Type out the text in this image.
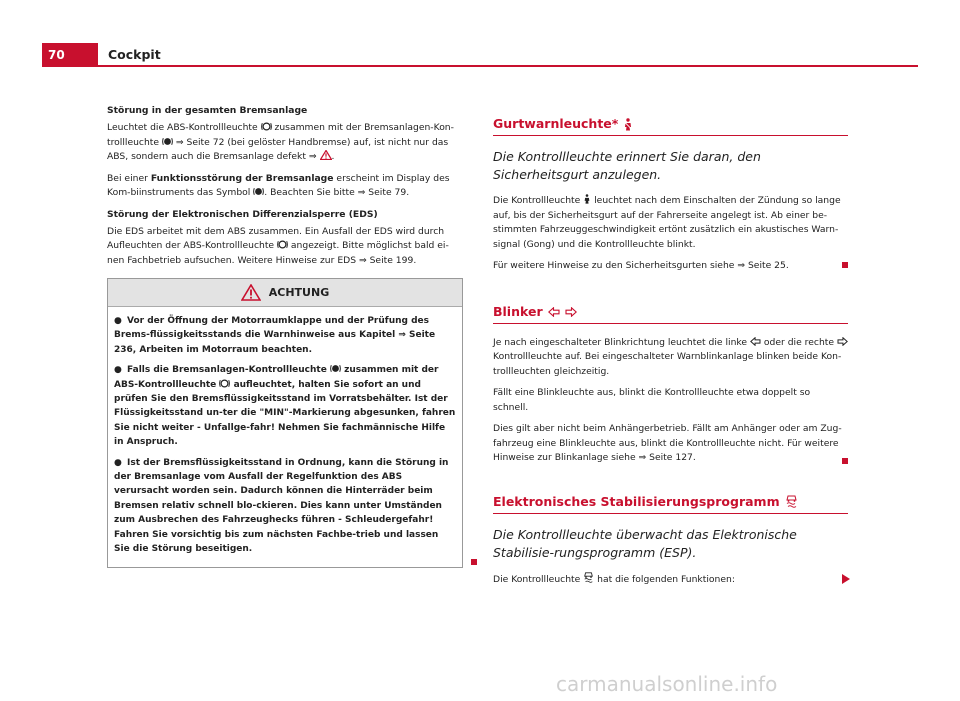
70	Cockpit
Störung in der gesamten Bremsanlage

Leuchtet die ABS-Kontrollleuchte zusammen mit der Bremsanlagen-Kon-trollleuchte ⇒ Seite 72 (bei gelöster Handbremse) auf, ist nicht nur das ABS, sondern auch die Bremsanlage defekt ⇒ .

Bei einer Funktionsstörung der Bremsanlage erscheint im Display des Kom-biinstruments das Symbol . Beachten Sie bitte ⇒ Seite 79.

Störung der Elektronischen Differenzialsperre (EDS)

Die EDS arbeitet mit dem ABS zusammen. Ein Ausfall der EDS wird durch Aufleuchten der ABS-Kontrollleuchte angezeigt. Bitte möglichst bald ei-nen Fachbetrieb aufsuchen. Weitere Hinweise zur EDS ⇒ Seite 199.

ACHTUNG

● Vor der Öffnung der Motorraumklappe und der Prüfung des Brems-flüssigkeitsstands die Warnhinweise aus Kapitel ⇒ Seite 236, Arbeiten im Motorraum beachten.

● Falls die Bremsanlagen-Kontrollleuchte zusammen mit der ABS-Kontrollleuchte aufleuchtet, halten Sie sofort an und prüfen Sie den Bremsflüssigkeitsstand im Vorratsbehälter. Ist der Flüssigkeitsstand un-ter die "MIN"-Markierung abgesunken, fahren Sie nicht weiter - Unfallge-fahr! Nehmen Sie fachmännische Hilfe in Anspruch.

● Ist der Bremsflüssigkeitsstand in Ordnung, kann die Störung in der Bremsanlage vom Ausfall der Regelfunktion des ABS verursacht worden sein. Dadurch können die Hinterräder beim Bremsen relativ schnell blo-ckieren. Dies kann unter Umständen zum Ausbrechen des Fahrzeughecks führen - Schleudergefahr! Fahren Sie vorsichtig bis zum nächsten Fachbe-trieb und lassen Sie die Störung beseitigen.

Gurtwarnleuchte*

Die Kontrollleuchte erinnert Sie daran, den Sicherheitsgurt anzulegen.

Die Kontrollleuchte leuchtet nach dem Einschalten der Zündung so lange auf, bis der Sicherheitsgurt auf der Fahrerseite angelegt ist. Ab einer be-stimmten Fahrzeuggeschwindigkeit ertönt zusätzlich ein akustisches Warn-signal (Gong) und die Kontrollleuchte blinkt.

Für weitere Hinweise zu den Sicherheitsgurten siehe ⇒ Seite 25.

Blinker

Je nach eingeschalteter Blinkrichtung leuchtet die linke oder die rechte  Kontrollleuchte auf. Bei eingeschalteter Warnblinkanlage blinken beide Kon-trollleuchten gleichzeitig.

Fällt eine Blinkleuchte aus, blinkt die Kontrollleuchte etwa doppelt so schnell.

Dies gilt aber nicht beim Anhängerbetrieb. Fällt am Anhänger oder am Zug-fahrzeug eine Blinkleuchte aus, blinkt die Kontrollleuchte nicht. Für weitere Hinweise zur Blinkanlage siehe ⇒ Seite 127.

Elektronisches Stabilisierungsprogramm

Die Kontrollleuchte überwacht das Elektronische Stabilisie-rungsprogramm (ESP).

Die Kontrollleuchte hat die folgenden Funktionen:

carmanualsonline.info
